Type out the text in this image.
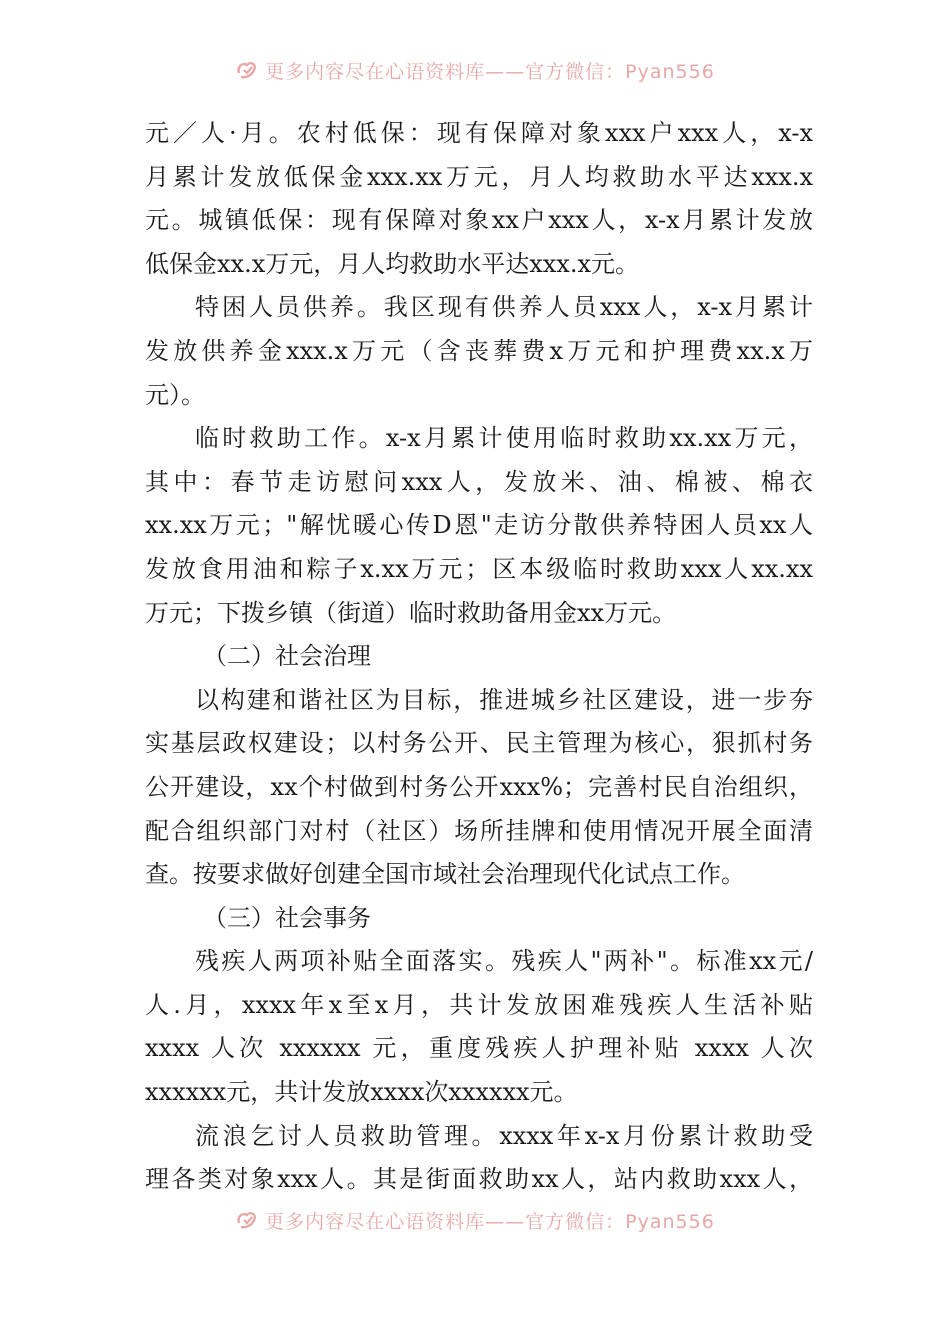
更多内容尽在心语资料库——官方微信：Pyan556
元／人·月。农村低保：现有保障对象xxx户xxx人，x-x
月累计发放低保金xxx.xx万元，月人均救助水平达xxx.x
元。城镇低保：现有保障对象xx户xxx人，x-x月累计发放
低保金xx.x万元，月人均救助水平达xxx.x元。
特困人员供养。我区现有供养人员xxx人，x-x月累计
发放供养金xxx.x万元（含丧葬费x万元和护理费xx.x万
元）。
临时救助工作。x-x月累计使用临时救助xx.xx万元，
其中：春节走访慰问xxx人，发放米、油、棉被、棉衣
xx.xx万元；"解忧暖心传D恩"走访分散供养特困人员xx人
发放食用油和粽子x.xx万元；区本级临时救助xxx人xx.xx
万元；下拨乡镇（街道）临时救助备用金xx万元。
（二）社会治理
以构建和谐社区为目标，推进城乡社区建设，进一步夯
实基层政权建设；以村务公开、民主管理为核心，狠抓村务
公开建设，xx个村做到村务公开xxx%；完善村民自治组织，
配合组织部门对村（社区）场所挂牌和使用情况开展全面清
查。按要求做好创建全国市域社会治理现代化试点工作。
（三）社会事务
残疾人两项补贴全面落实。残疾人"两补"。标准xx元/
人.月，xxxx年x至x月，共计发放困难残疾人生活补贴
xxxx 人次 xxxxxx 元，重度残疾人护理补贴 xxxx 人次
xxxxxx元，共计发放xxxx次xxxxxx元。
流浪乞讨人员救助管理。xxxx年x-x月份累计救助受
理各类对象xxx人。其是街面救助xx人，站内救助xxx人，
更多内容尽在心语资料库——官方微信：Pyan556
